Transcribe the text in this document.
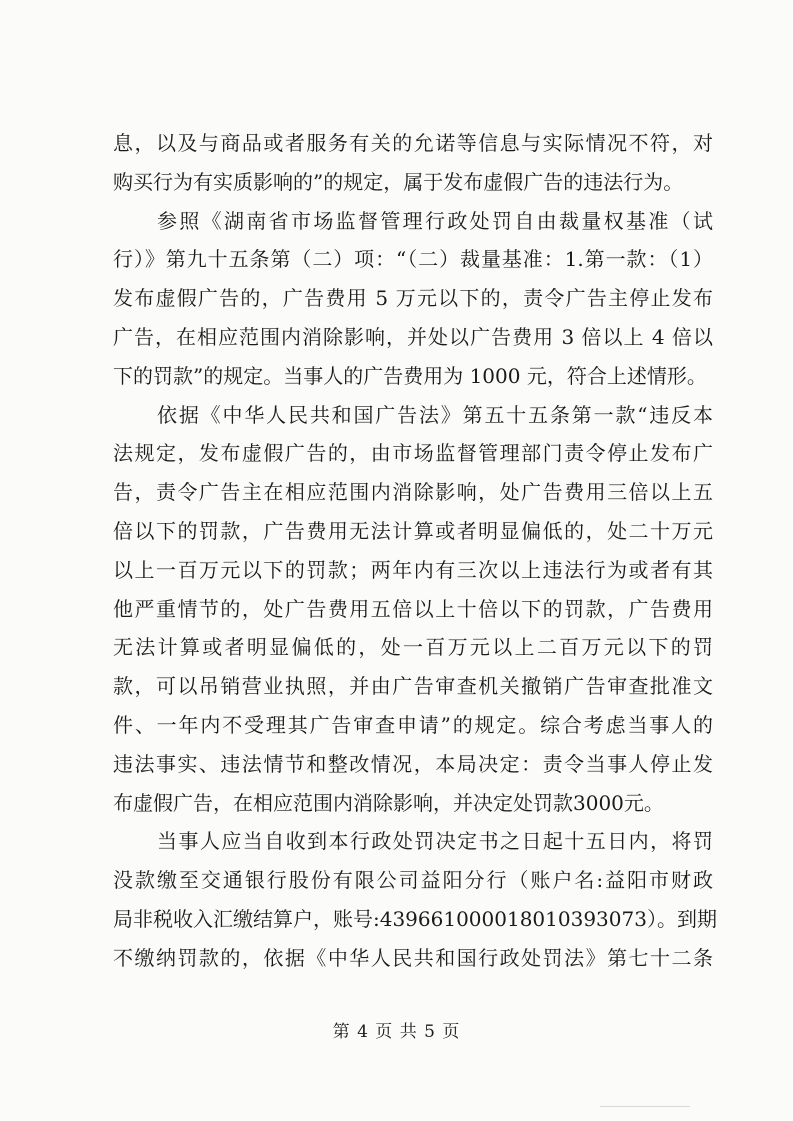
息，以及与商品或者服务有关的允诺等信息与实际情况不符，对
购买行为有实质影响的”的规定，属于发布虚假广告的违法行为。
参照《湖南省市场监督管理行政处罚自由裁量权基准（试
行）》第九十五条第（二）项：“（二）裁量基准：1.第一款：（1）
发布虚假广告的，广告费用 5 万元以下的，责令广告主停止发布
广告，在相应范围内消除影响，并处以广告费用 3 倍以上 4 倍以
下的罚款”的规定。当事人的广告费用为 1000 元，符合上述情形。
依据《中华人民共和国广告法》第五十五条第一款“违反本
法规定，发布虚假广告的，由市场监督管理部门责令停止发布广
告，责令广告主在相应范围内消除影响，处广告费用三倍以上五
倍以下的罚款，广告费用无法计算或者明显偏低的，处二十万元
以上一百万元以下的罚款；两年内有三次以上违法行为或者有其
他严重情节的，处广告费用五倍以上十倍以下的罚款，广告费用
无法计算或者明显偏低的，处一百万元以上二百万元以下的罚
款，可以吊销营业执照，并由广告审查机关撤销广告审查批准文
件、一年内不受理其广告审查申请”的规定。综合考虑当事人的
违法事实、违法情节和整改情况，本局决定：责令当事人停止发
布虚假广告，在相应范围内消除影响，并决定处罚款3000元。
当事人应当自收到本行政处罚决定书之日起十五日内，将罚
没款缴至交通银行股份有限公司益阳分行（账户名:益阳市财政
局非税收入汇缴结算户，账号:439661000018010393073）。到期
不缴纳罚款的，依据《中华人民共和国行政处罚法》第七十二条
第 4 页 共 5 页
